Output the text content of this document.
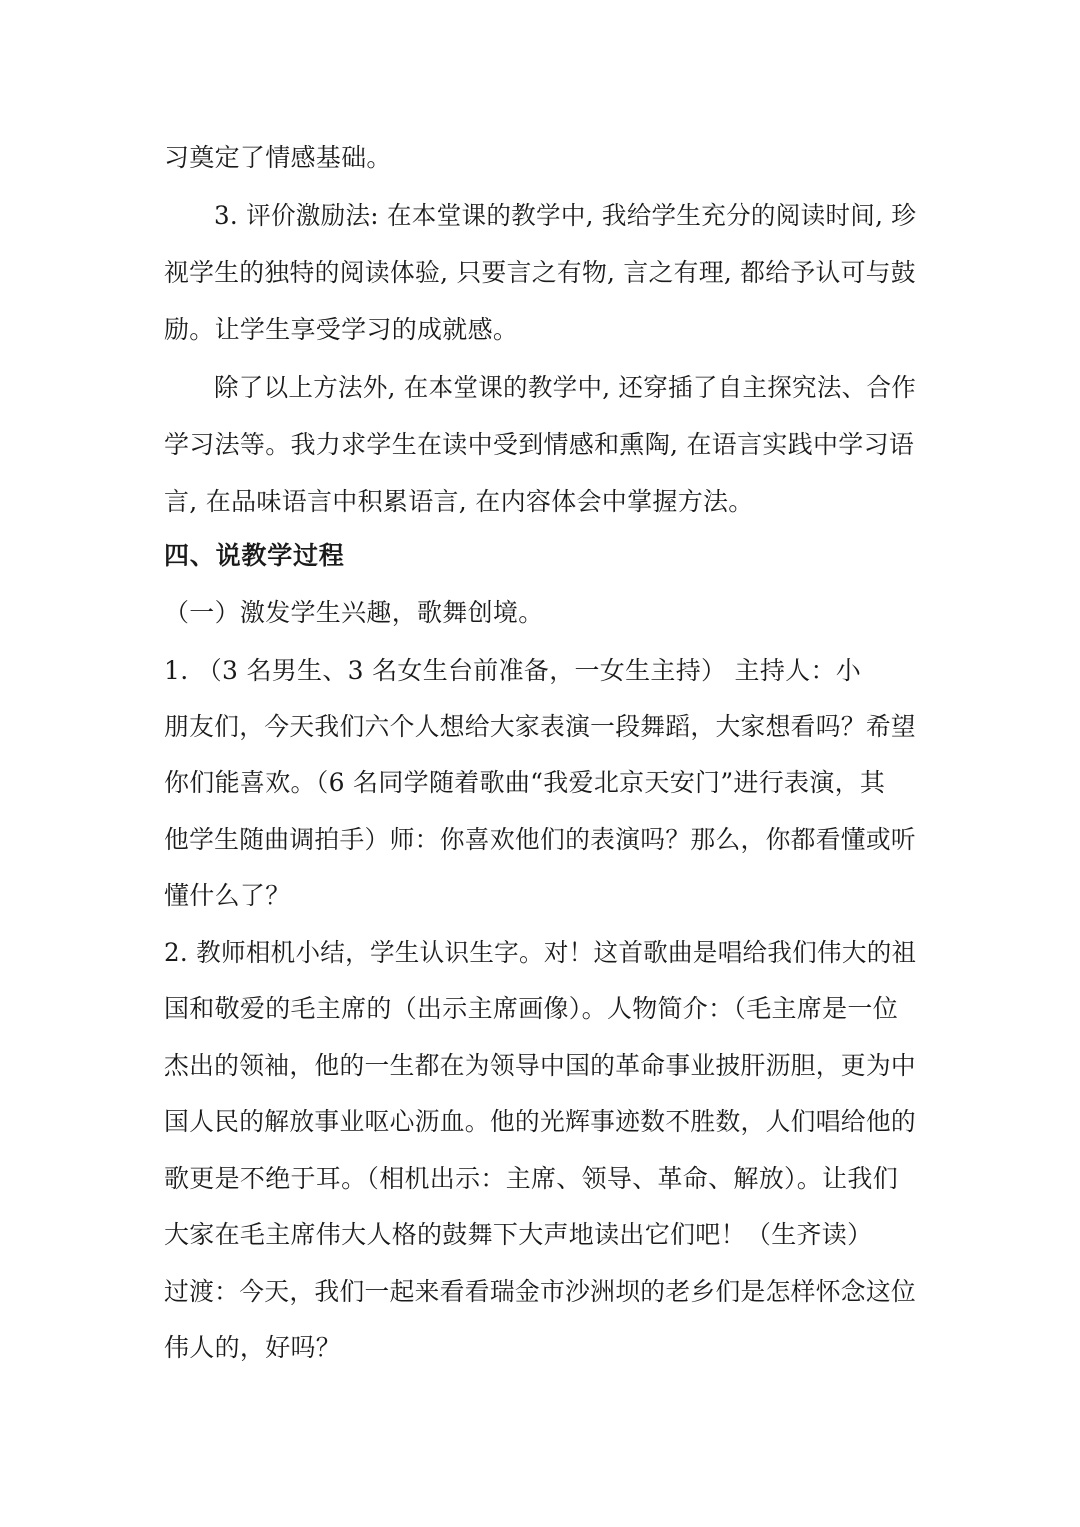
习奠定了情感基础。
3. 评价激励法: 在本堂课的教学中, 我给学生充分的阅读时间, 珍
视学生的独特的阅读体验, 只要言之有物, 言之有理, 都给予认可与鼓
励。让学生享受学习的成就感。
除了以上方法外, 在本堂课的教学中, 还穿插了自主探究法、合作
学习法等。我力求学生在读中受到情感和熏陶, 在语言实践中学习语
言, 在品味语言中积累语言, 在内容体会中掌握方法。
四、说教学过程
（一）激发学生兴趣，歌舞创境。
1. （3 名男生、3 名女生台前准备，一女生主持） 主持人：小
朋友们，今天我们六个人想给大家表演一段舞蹈，大家想看吗？希望
你们能喜欢。（6 名同学随着歌曲“我爱北京天安门”进行表演，其
他学生随曲调拍手）师：你喜欢他们的表演吗？那么，你都看懂或听
懂什么了？
2. 教师相机小结，学生认识生字。对！这首歌曲是唱给我们伟大的祖
国和敬爱的毛主席的（出示主席画像）。人物简介：（毛主席是一位
杰出的领袖，他的一生都在为领导中国的革命事业披肝沥胆，更为中
国人民的解放事业呕心沥血。他的光辉事迹数不胜数，人们唱给他的
歌更是不绝于耳。（相机出示：主席、领导、革命、解放）。让我们
大家在毛主席伟大人格的鼓舞下大声地读出它们吧！（生齐读）
过渡：今天，我们一起来看看瑞金市沙洲坝的老乡们是怎样怀念这位
伟人的，好吗？
